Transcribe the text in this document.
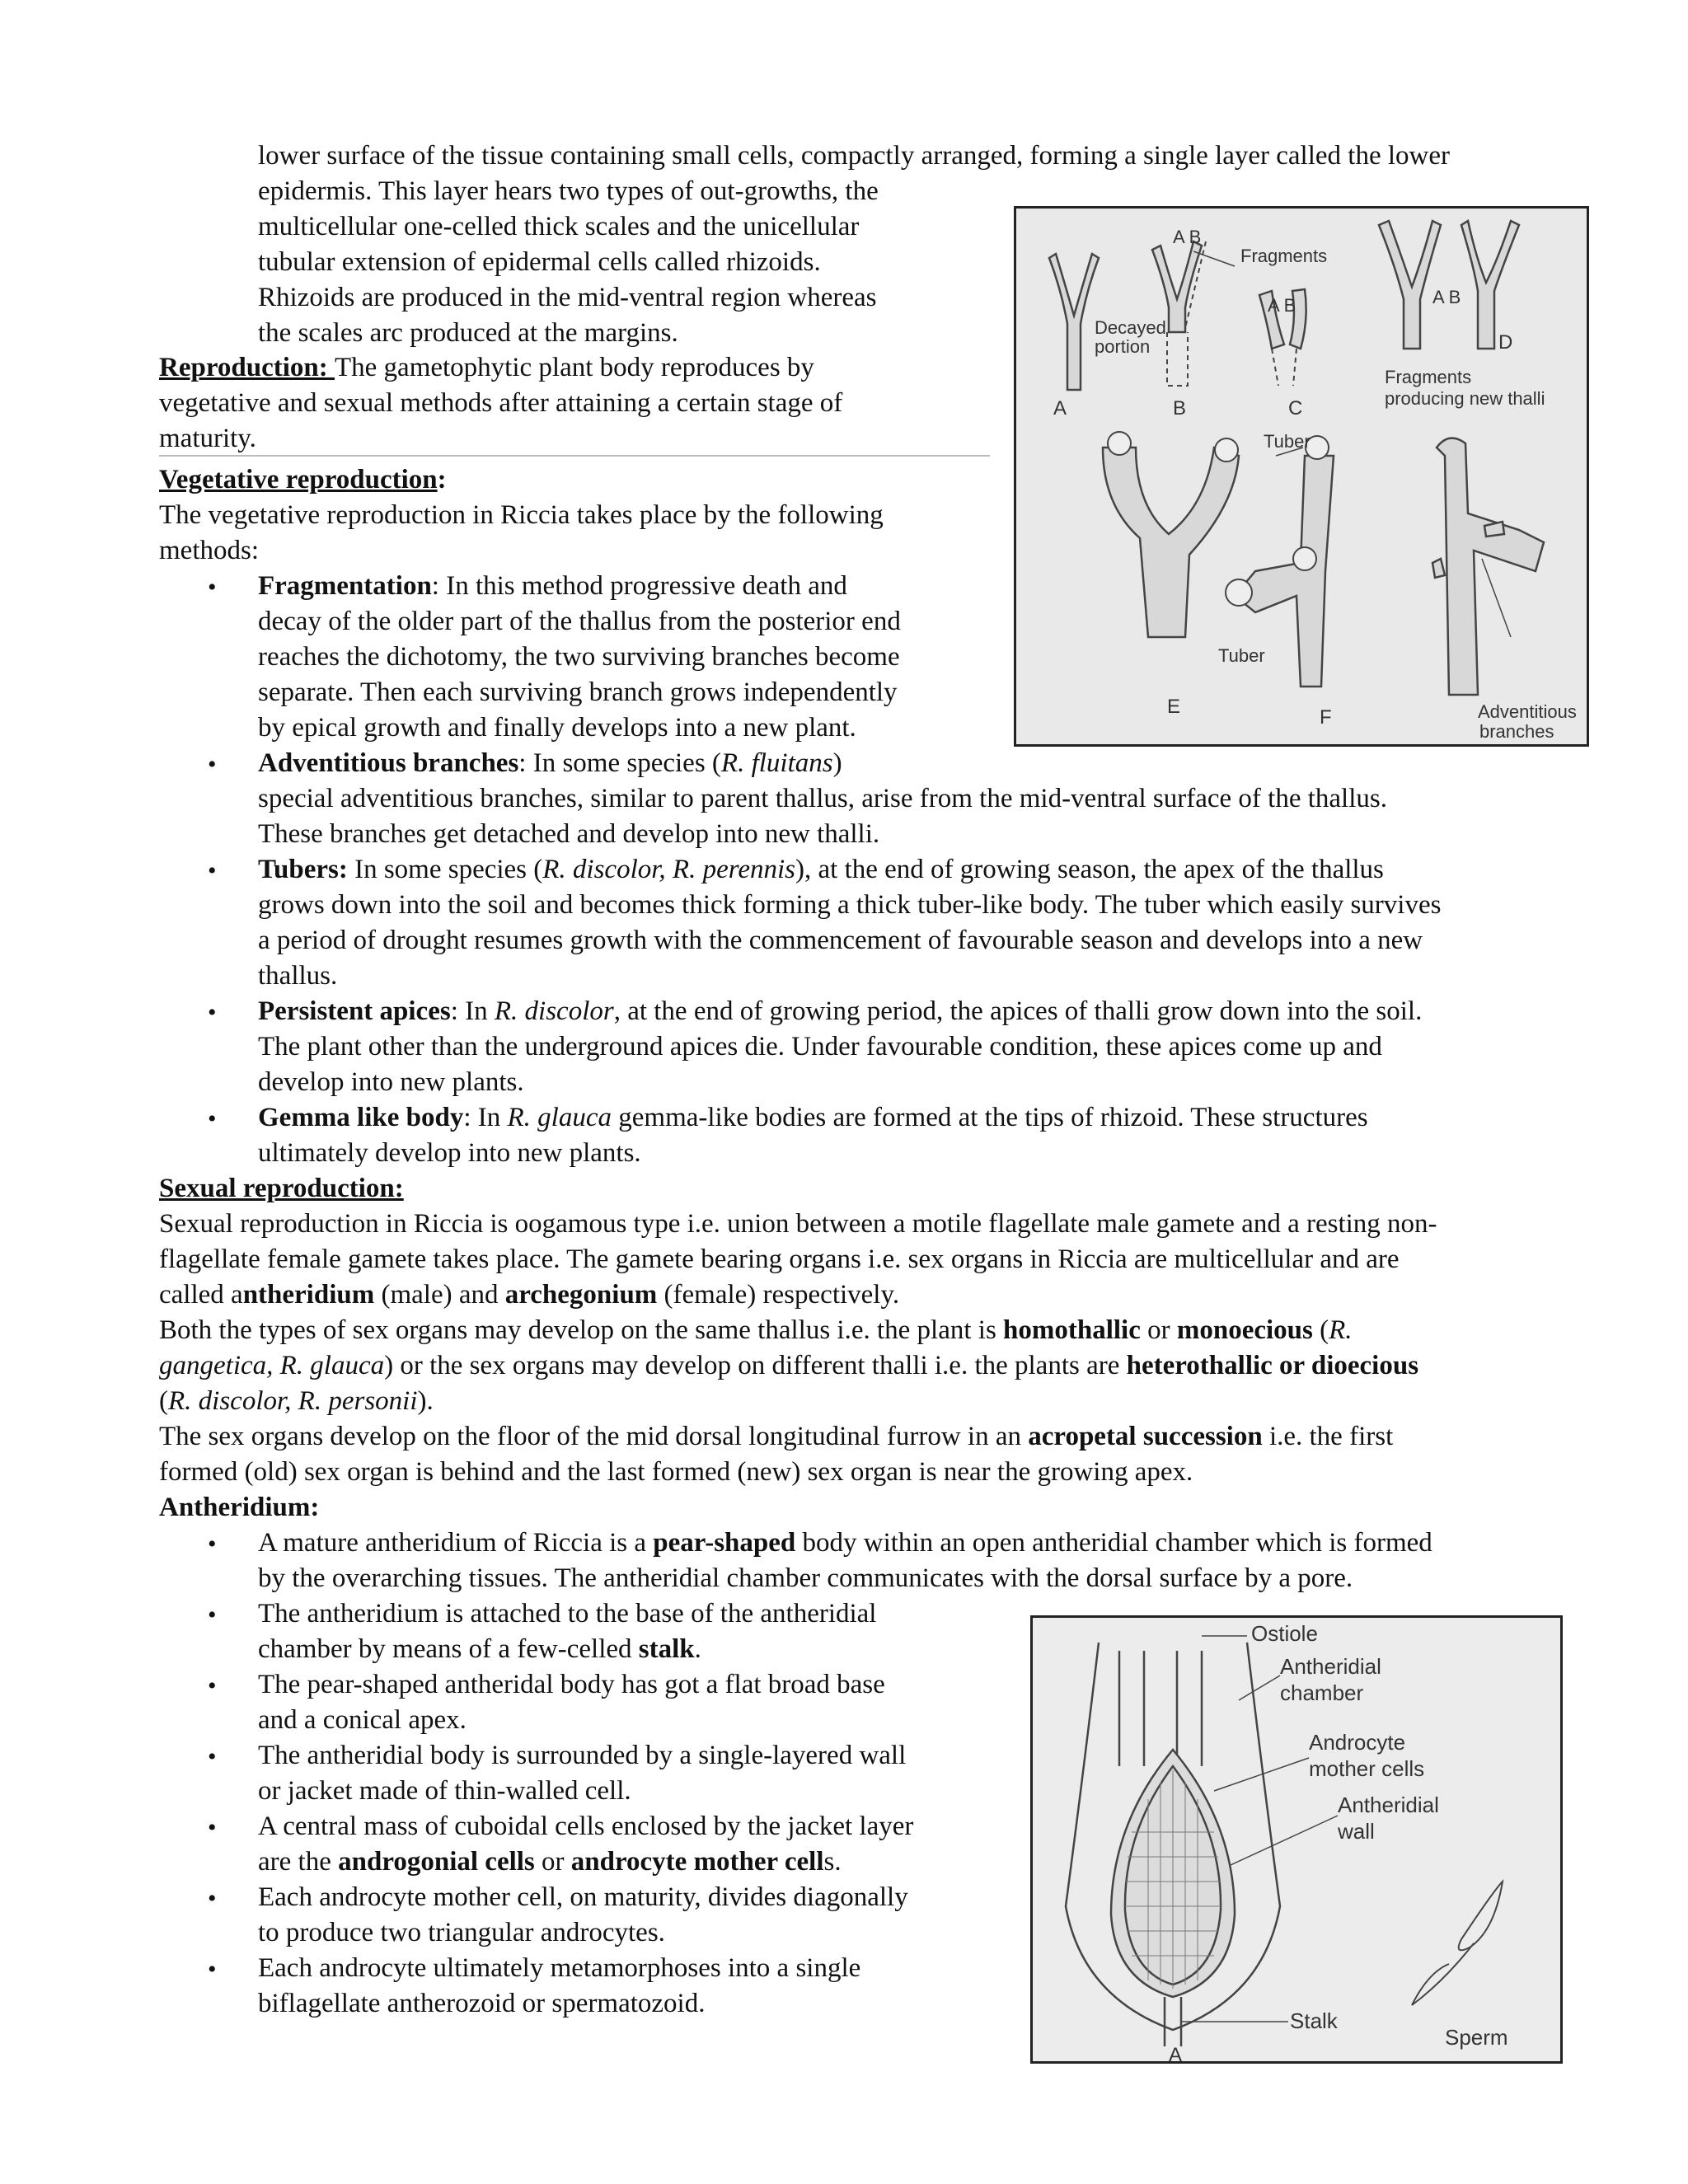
lower surface of the tissue containing small cells, compactly arranged, forming a single layer called the lower
epidermis. This layer hears two types of out-growths, the
multicellular one-celled thick scales and the unicellular
tubular extension of epidermal cells called rhizoids.
Rhizoids are produced in the mid-ventral region whereas
the scales arc produced at the margins.
Reproduction: The gametophytic plant body reproduces by
vegetative and sexual methods after attaining a certain stage of
maturity.
Vegetative reproduction:
The vegetative reproduction in Riccia takes place by the following
methods:
• Fragmentation: In this method progressive death and
decay of the older part of the thallus from the posterior end
reaches the dichotomy, the two surviving branches become
separate. Then each surviving branch grows independently
by epical growth and finally develops into a new plant.
• Adventitious branches: In some species (R. fluitans)
special adventitious branches, similar to parent thallus, arise from the mid-ventral surface of the thallus.
These branches get detached and develop into new thalli.
• Tubers: In some species (R. discolor, R. perennis), at the end of growing season, the apex of the thallus
grows down into the soil and becomes thick forming a thick tuber-like body. The tuber which easily survives
a period of drought resumes growth with the commencement of favourable season and develops into a new
thallus.
• Persistent apices: In R. discolor, at the end of growing period, the apices of thalli grow down into the soil.
The plant other than the underground apices die. Under favourable condition, these apices come up and
develop into new plants.
• Gemma like body: In R. glauca gemma-like bodies are formed at the tips of rhizoid. These structures
ultimately develop into new plants.
Sexual reproduction:
Sexual reproduction in Riccia is oogamous type i.e. union between a motile flagellate male gamete and a resting non-
flagellate female gamete takes place. The gamete bearing organs i.e. sex organs in Riccia are multicellular and are
called antheridium (male) and archegonium (female) respectively.
Both the types of sex organs may develop on the same thallus i.e. the plant is homothallic or monoecious (R.
gangetica, R. glauca) or the sex organs may develop on different thalli i.e. the plants are heterothallic or dioecious
(R. discolor, R. personii).
The sex organs develop on the floor of the mid dorsal longitudinal furrow in an acropetal succession i.e. the first
formed (old) sex organ is behind and the last formed (new) sex organ is near the growing apex.
Antheridium:
• A mature antheridium of Riccia is a pear-shaped body within an open antheridial chamber which is formed
by the overarching tissues. The antheridial chamber communicates with the dorsal surface by a pore.
• The antheridium is attached to the base of the antheridial
chamber by means of a few-celled stalk.
• The pear-shaped antheridal body has got a flat broad base
and a conical apex.
• The antheridial body is surrounded by a single-layered wall
or jacket made of thin-walled cell.
• A central mass of cuboidal cells enclosed by the jacket layer
are the androgonial cells or androcyte mother cells.
• Each androcyte mother cell, on maturity, divides diagonally
to produce two triangular androcytes.
• Each androcyte ultimately metamorphoses into a single
biflagellate antherozoid or spermatozoid.
Fragments
A B
A B	A B
Decayed
portion
Fragments
producing new thalli
Tuber
Tuber
Adventitious
branches
A	B	C
D
E	F
Ostiole
Antheridial
chamber
Androcyte
mother cells
Antheridial
wall
Stalk
Sperm
A
